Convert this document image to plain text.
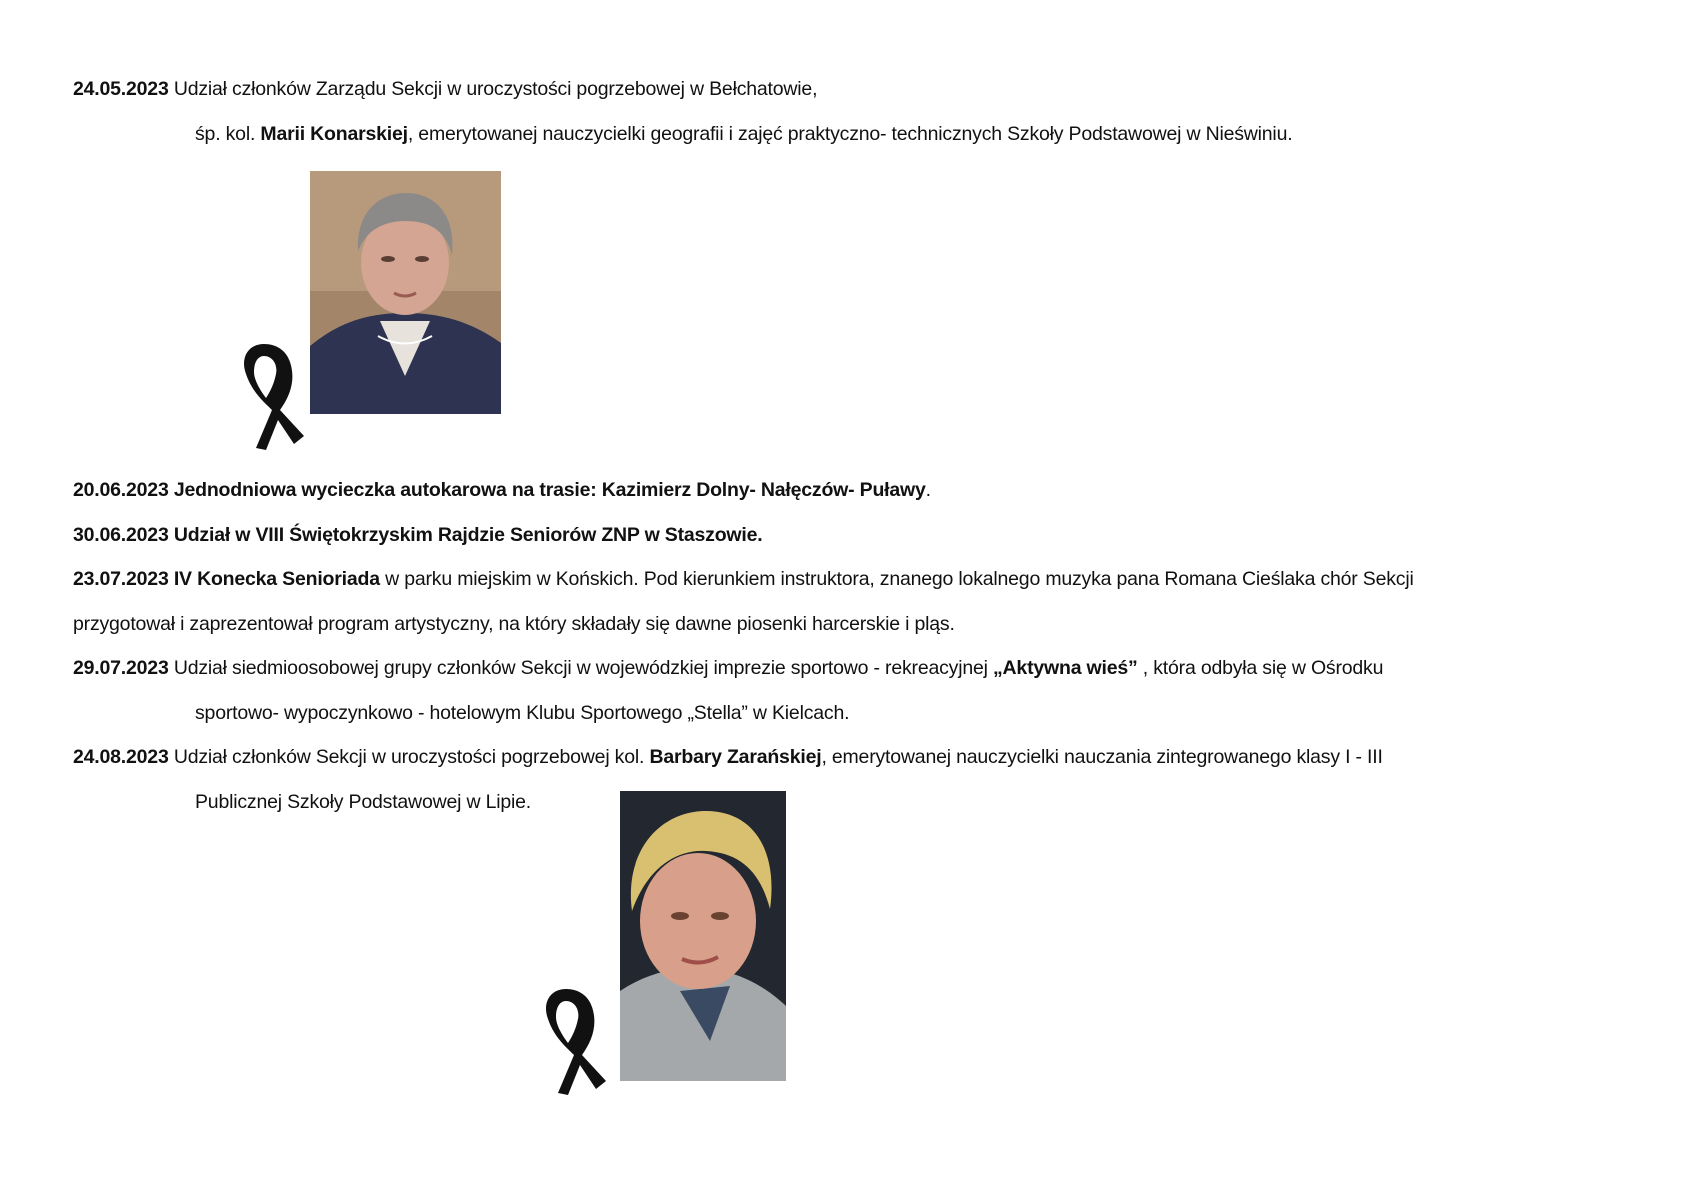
24.05.2023 Udział członków Zarządu Sekcji w uroczystości pogrzebowej w Bełchatowie,
śp. kol. Marii Konarskiej, emerytowanej nauczycielki geografii i zajęć praktyczno- technicznych Szkoły Podstawowej w Nieświniu.
20.06.2023 Jednodniowa wycieczka autokarowa na trasie: Kazimierz Dolny- Nałęczów- Puławy.
30.06.2023 Udział w VIII Świętokrzyskim Rajdzie Seniorów ZNP w Staszowie.
23.07.2023 IV Konecka Senioriada w parku miejskim w Końskich. Pod kierunkiem instruktora, znanego lokalnego muzyka pana Romana Cieślaka chór Sekcji
przygotował i zaprezentował program artystyczny, na który składały się dawne piosenki harcerskie i pląs.
29.07.2023 Udział siedmioosobowej grupy członków Sekcji w wojewódzkiej imprezie sportowo - rekreacyjnej „Aktywna wieś” , która odbyła się w Ośrodku
sportowo- wypoczynkowo - hotelowym Klubu Sportowego „Stella” w Kielcach.
24.08.2023 Udział członków Sekcji w uroczystości pogrzebowej kol. Barbary Zarańskiej, emerytowanej nauczycielki nauczania zintegrowanego klasy I - III
Publicznej Szkoły Podstawowej w Lipie.
